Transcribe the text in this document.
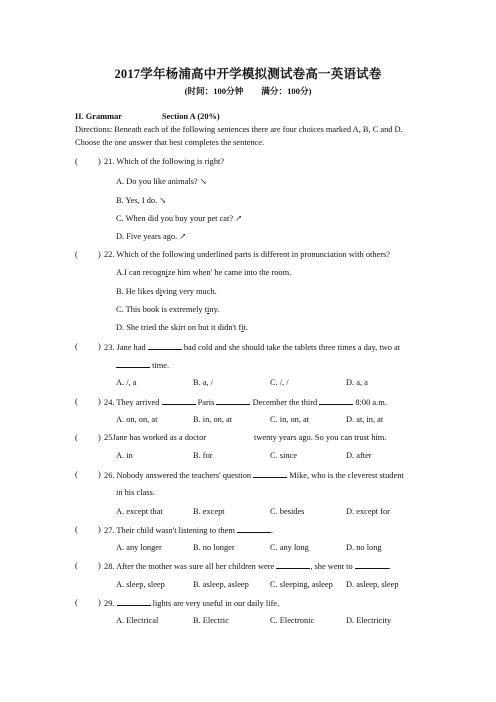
2017学年杨浦高中开学模拟测试卷高一英语试卷
(时间：100分钟 满分：100分)
II. Grammar	Section A (20%)
Directions: Beneath each of the following sentences there are four choices marked A, B, C and D.
Choose the one answer that best completes the sentence.
( ) 21. Which of the following is right?
A. Do you like animals? ↘
B. Yes, I do. ↘
C. When did you buy your pet cat? ↗
D. Five years ago. ↗
( ) 22. Which of the following underlined parts is different in pronunciation with others?
A.I can recognize him when' he came into the room.
B. He likes diving very much.
C. This book is extremely tiny.
D. She tried the skirt on but it didn't fit.
( ) 23. Jane had	bad cold and she should take the tablets three times a day, two at
time.
A. /, a	B. a, /	C. /, /	D. a, a
( ) 24. They arrived	Paris	December the third	8:00 a.m.
A. on, on, at	B. in, on, at	C. in, on, at	D. at, in, at
( ) 25Jane has worked as a doctor	twenty years ago. So you can trust him.
A. in	B. for	C. since	D. after
( ) 26. Nobody answered the teachers' question	Mike, who is the cleverest student
in his class.
A. except that	B. except	C. besides	D. except for
( ) 27. Their child wasn't listening to them	.
A. any longer	B. no longer	C. any long	D. no long
( ) 28. After the mother was sure all her children were	, she went to	.
A. sleep, sleep	B. asleep, asleep	C. sleeping, asleep D. asleep, sleep
( ) 29.	lights are very useful in our daily life.
A. Electrical	B. Electric	C. Electronic	D. Electricity
